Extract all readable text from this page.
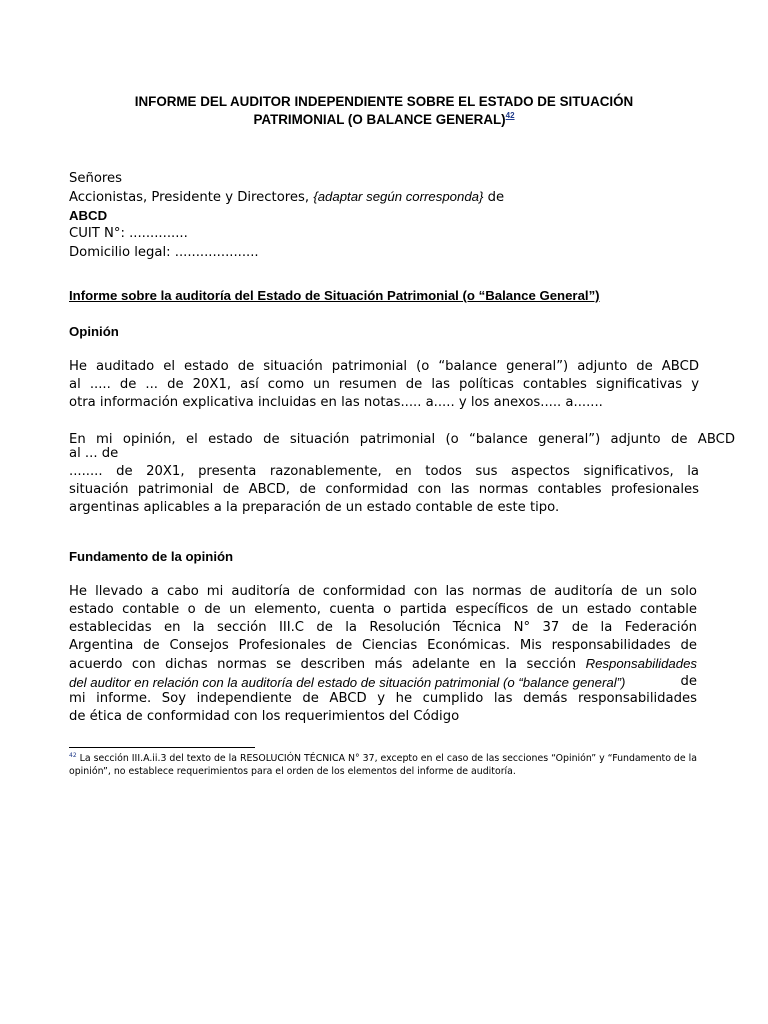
INFORME DEL AUDITOR INDEPENDIENTE SOBRE EL ESTADO DE SITUACIÓN
PATRIMONIAL (O BALANCE GENERAL)$^{42}$
Señores
Accionistas, Presidente y Directores, {adaptar según corresponda} de
ABCD
CUIT N°: ..............
Domicilio legal: ....................
Informe sobre la auditoría del Estado de Situación Patrimonial (o “Balance General”)
Opinión
He auditado el estado de situación patrimonial (o “balance general”) adjunto de ABCD
al ..... de ... de 20X1, así como un resumen de las políticas contables significativas y
otra información explicativa incluidas en las notas..... a..... y los anexos..... a.......
En mi opinión, el estado de situación patrimonial (o “balance general”) adjunto de ABCD
al ... de
........ de 20X1, presenta razonablemente, en todos sus aspectos significativos, la
situación patrimonial de ABCD, de conformidad con las normas contables profesionales
argentinas aplicables a la preparación de un estado contable de este tipo.
Fundamento de la opinión
He llevado a cabo mi auditoría de conformidad con las normas de auditoría de un solo
estado contable o de un elemento, cuenta o partida específicos de un estado contable
establecidas en la sección III.C de la Resolución Técnica N° 37 de la Federación
Argentina de Consejos Profesionales de Ciencias Económicas. Mis responsabilidades de
acuerdo con dichas normas se describen más adelante en la sección Responsabilidades
del auditor en relación con la auditoría del estado de situación patrimonial (o “balance general”)	de
mi informe. Soy independiente de ABCD y he cumplido las demás responsabilidades
de ética de conformidad con los requerimientos del Código
$^{42}$ La sección III.A.ii.3 del texto de la RESOLUCIÓN TÉCNICA N° 37, excepto en el caso de las secciones “Opinión” y “Fundamento de la
opinión”, no establece requerimientos para el orden de los elementos del informe de auditoría.
